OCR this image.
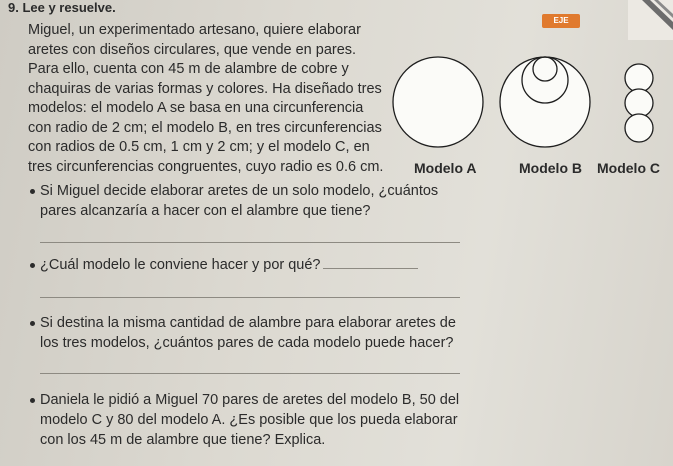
9. Lee y resuelve.
EJE
Miguel, un experimentado artesano, quiere elaborar
aretes con diseños circulares, que vende en pares.
Para ello, cuenta con 45 m de alambre de cobre y
chaquiras de varias formas y colores. Ha diseñado tres
modelos: el modelo A se basa en una circunferencia
con radio de 2 cm; el modelo B, en tres circunferencias
con radios de 0.5 cm, 1 cm y 2 cm; y el modelo C, en
tres circunferencias congruentes, cuyo radio es 0.6 cm. Modelo A	Modelo B Modelo C
Si Miguel decide elaborar aretes de un solo modelo, ¿cuántos
pares alcanzaría a hacer con el alambre que tiene?
¿Cuál modelo le conviene hacer y por qué?
Si destina la misma cantidad de alambre para elaborar aretes de
los tres modelos, ¿cuántos pares de cada modelo puede hacer?
Daniela le pidió a Miguel 70 pares de aretes del modelo B, 50 del
modelo C y 80 del modelo A. ¿Es posible que los pueda elaborar
con los 45 m de alambre que tiene? Explica.
